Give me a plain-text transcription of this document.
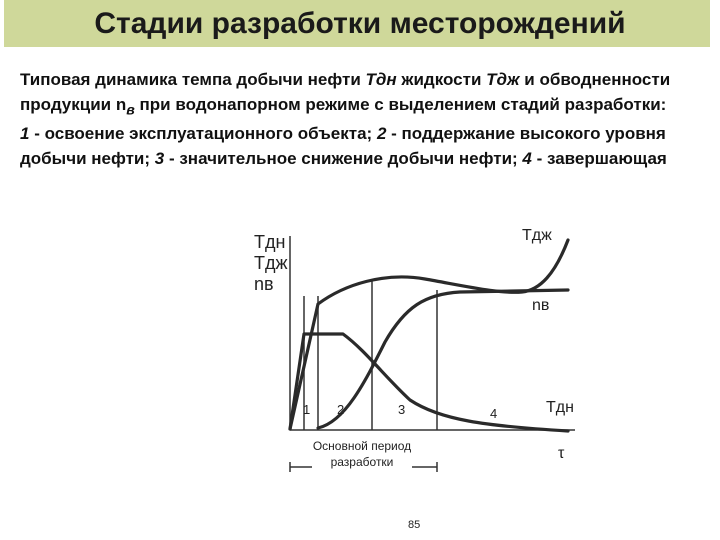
Стадии разработки месторождений

Типовая динамика темпа добычи нефти Тдн жидкости Тдж и обводненности продукции $n_в$ при водонапорном режиме с выделением стадий разработки:

1 - освоение эксплуатационного объекта; 2 - поддержание высокого уровня добычи нефти; 3 - значительное снижение добычи нефти; 4 - завершающая

Тдн
Тдж
nв
Тдж
nв
Тдн
1 2	3	4
Основной период
разработки	τ
85
